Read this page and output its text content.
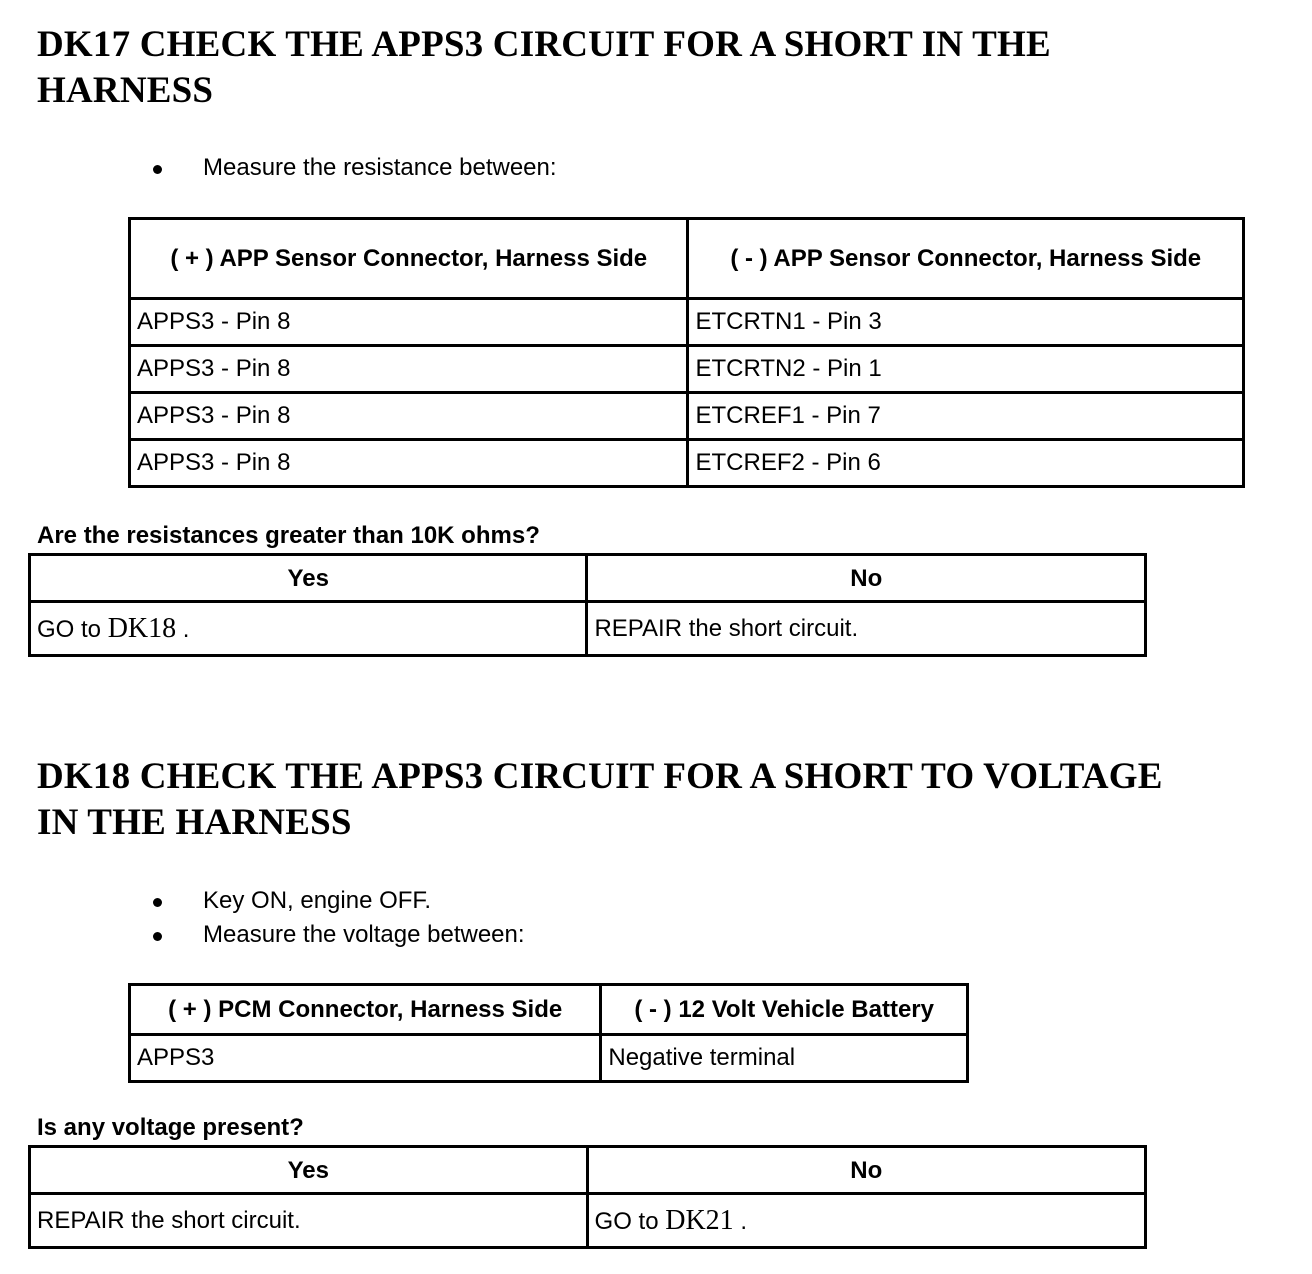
DK17 CHECK THE APPS3 CIRCUIT FOR A SHORT IN THE
HARNESS
Measure the resistance between:
( + ) APP Sensor Connector, Harness Side	( - ) APP Sensor Connector, Harness Side
APPS3 - Pin 8	ETCRTN1 - Pin 3
APPS3 - Pin 8	ETCRTN2 - Pin 1
APPS3 - Pin 8	ETCREF1 - Pin 7
APPS3 - Pin 8	ETCREF2 - Pin 6

Are the resistances greater than 10K ohms?

Yes	No
GO to DK18 .	REPAIR the short circuit.
DK18 CHECK THE APPS3 CIRCUIT FOR A SHORT TO VOLTAGE
IN THE HARNESS
Key ON, engine OFF.
Measure the voltage between:
( + ) PCM Connector, Harness Side	( - ) 12 Volt Vehicle Battery
APPS3	Negative terminal

Is any voltage present?

Yes	No
REPAIR the short circuit.	GO to DK21 .
